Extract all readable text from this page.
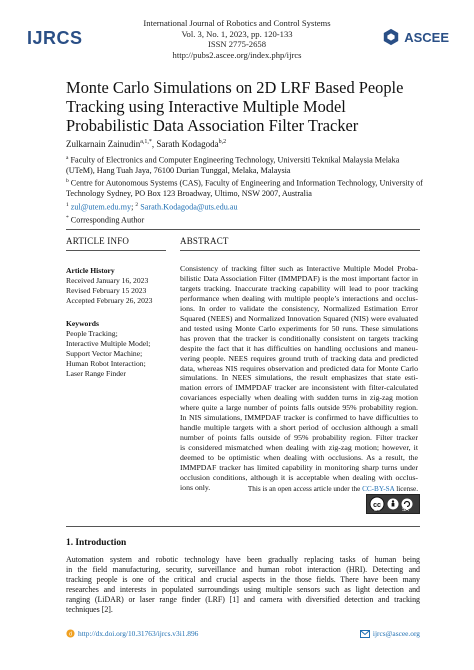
IJRCS
International Journal of Robotics and Control Systems
Vol. 3, No. 1, 2023, pp. 120-133
ISSN 2775-2658
http://pubs2.ascee.org/index.php/ijrcs
ASCEE
Monte Carlo Simulations on 2D LRF Based People Tracking using Interactive Multiple Model Probabilistic Data Association Filter Tracker
Zulkarnain Zainudin$^{a,1,*}$, Sarath Kodagoda$^{b,2}$
$^a$ Faculty of Electronics and Computer Engineering Technology, Universiti Teknikal Malaysia Melaka (UTeM), Hang Tuah Jaya, 76100 Durian Tunggal, Melaka, Malaysia
$^b$ Centre for Autonomous Systems (CAS), Faculty of Engineering and Information Technology, University of Technology Sydney, PO Box 123 Broadway, Ultimo, NSW 2007, Australia
$^1$ zul@utem.edu.my; $^2$ Sarath.Kodagoda@uts.edu.au
* Corresponding Author
ARTICLE INFO	ABSTRACT
Article History
Received January 16, 2023
Revised February 15 2023
Accepted February 26, 2023
Keywords
People Tracking;
Interactive Multiple Model;
Support Vector Machine;
Human Robot Interaction;
Laser Range Finder
Consistency of tracking filter such as Interactive Multiple Model Proba-
bilistic Data Association Filter (IMMPDAF) is the most important factor in
targets tracking. Inaccurate tracking capability will lead to poor tracking
performance when dealing with multiple people’s interactions and occlus-
ions. In order to validate the consistency, Normalized Estimation Error
Squared (NEES) and Normalized Innovation Squared (NIS) were evaluated
and tested using Monte Carlo experiments for 50 runs. These simulations
has proven that the tracker is conditionally consistent on targets tracking
despite the fact that it has difficulties on handling occlusions and maneu-
vering people. NEES requires ground truth of tracking data and predicted
data, whereas NIS requires observation and predicted data for Monte Carlo
simulations. In NEES simulations, the result emphasizes that state esti-
mation errors of IMMPDAF tracker are inconsistent with filter-calculated
covariances especially when dealing with sudden turns in zig-zag motion
where quite a large number of points falls outside 95% probability region.
In NIS simulations, IMMPDAF tracker is confirmed to have difficulties to
handle multiple targets with a short period of occlusion although a small
number of points falls outside of 95% probability region. Filter tracker
is considered mismatched when dealing with zig-zag motion; however, it
deemed to be optimistic when dealing with occlusions. As a result, the
IMMPDAF tracker has limited capability in monitoring sharp turns under
occlusion conditions, although it is acceptable when dealing with occlus-
ions only.	This is an open access article under the CC-BY-SA license.
cc
BY	SA
1. Introduction
Automation system and robotic technology have been gradually replacing tasks of human being
in the field manufacturing, security, surveillance and human robot interaction (HRI). Detecting and
tracking people is one of the critical and crucial aspects in the those fields. There have been many
researches and interests in populated surroundings using multiple sensors such as light detection and
ranging (LiDAR) or laser range finder (LRF) [1] and camera with diversified detection and tracking
techniques [2].
d http://dx.doi.org/10.31763/ijrcs.v3i1.896	ijrcs@ascee.org
